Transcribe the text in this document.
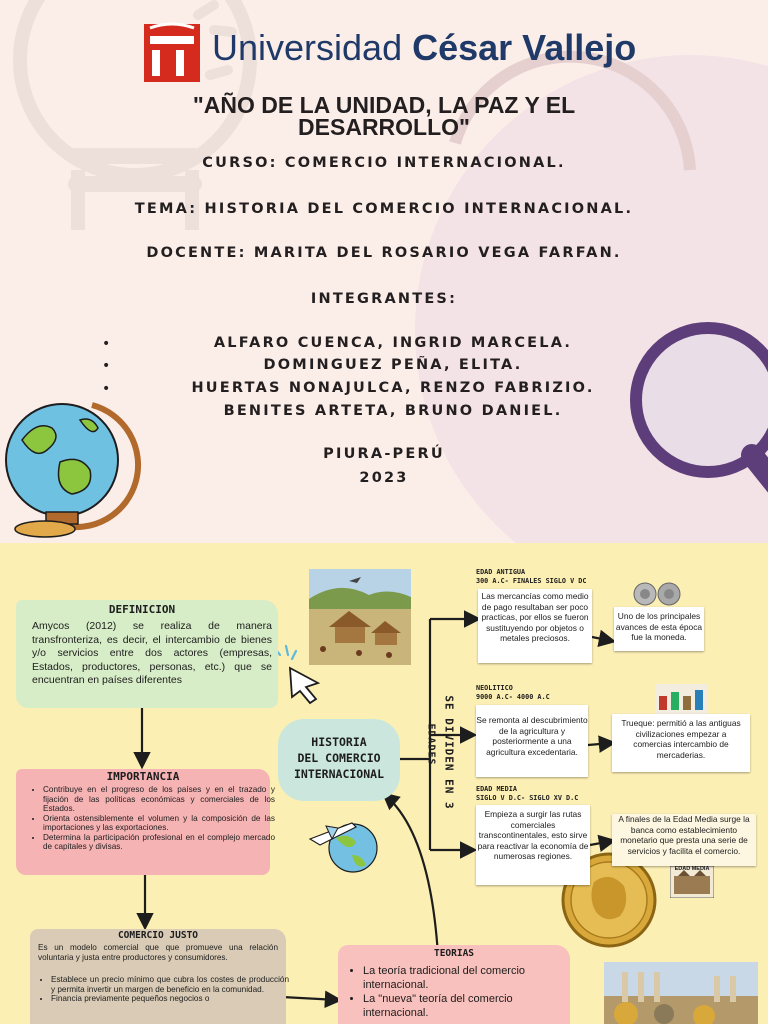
Universidad César Vallejo
"AÑO DE LA UNIDAD, LA PAZ Y EL
DESARROLLO"
CURSO: COMERCIO INTERNACIONAL.
TEMA: HISTORIA DEL COMERCIO INTERNACIONAL.
DOCENTE: MARITA DEL ROSARIO VEGA FARFAN.
INTEGRANTES:
ALFARO CUENCA, INGRID MARCELA.
DOMINGUEZ PEÑA, ELITA.
HUERTAS NONAJULCA, RENZO FABRIZIO.
BENITES ARTETA, BRUNO DANIEL.
•
•
•
PIURA-PERÚ
2023
HISTORIA
DEL COMERCIO
INTERNACIONAL	SE DIVIDEN EN 3
EDADES
DEFINICION
Amycos (2012) se realiza de manera transfronteriza, es decir, el intercambio de bienes y/o servicios entre dos actores (empresas, Estados, productores, personas, etc.) que se encuentran en países diferentes
IMPORTANCIA
• Contribuye en el progreso de los países y en el trazado y fijación de las políticas económicas y comerciales de los Estados.
• Orienta ostensiblemente el volumen y la composición de las importaciones y las exportaciones.
• Determina la participación profesional en el complejo mercado de capitales y divisas.
COMERCIO JUSTO
Es un modelo comercial que que promueve una relación voluntaria y justa entre productores y consumidores.
• Establece un precio mínimo que cubra los costes de producción y permita invertir un margen de beneficio en la comunidad.
• Financia previamente pequeños negocios o
TEORIAS
• La teoría tradicional del comercio internacional.
• La "nueva" teoría del comercio internacional.
EDAD MEDIA
EDAD ANTIGUA
300 A.C- FINALES SIGLO V DC
NEOLITICO
9000 A.C- 4000 A.C
EDAD MEDIA
SIGLO V D.C- SIGLO XV D.C
Las mercancías como medio de pago resultaban ser poco practicas, por ellos se fueron sustituyendo por objetos o metales preciosos.
Se remonta al descubrimiento de la agricultura y posteriormente a una agricultura excedentaria.
Empieza a surgir las rutas comerciales transcontinentales, esto sirve para reactivar la economía de numerosas regiones.
Uno de los principales avances de esta época fue la moneda.
Trueque: permitió a las antiguas civilizaciones empezar a comercias intercambio de mercaderias.
A finales de la Edad Media surge la banca como establecimiento monetario que presta una serie de servicios y facilita el comercio.
